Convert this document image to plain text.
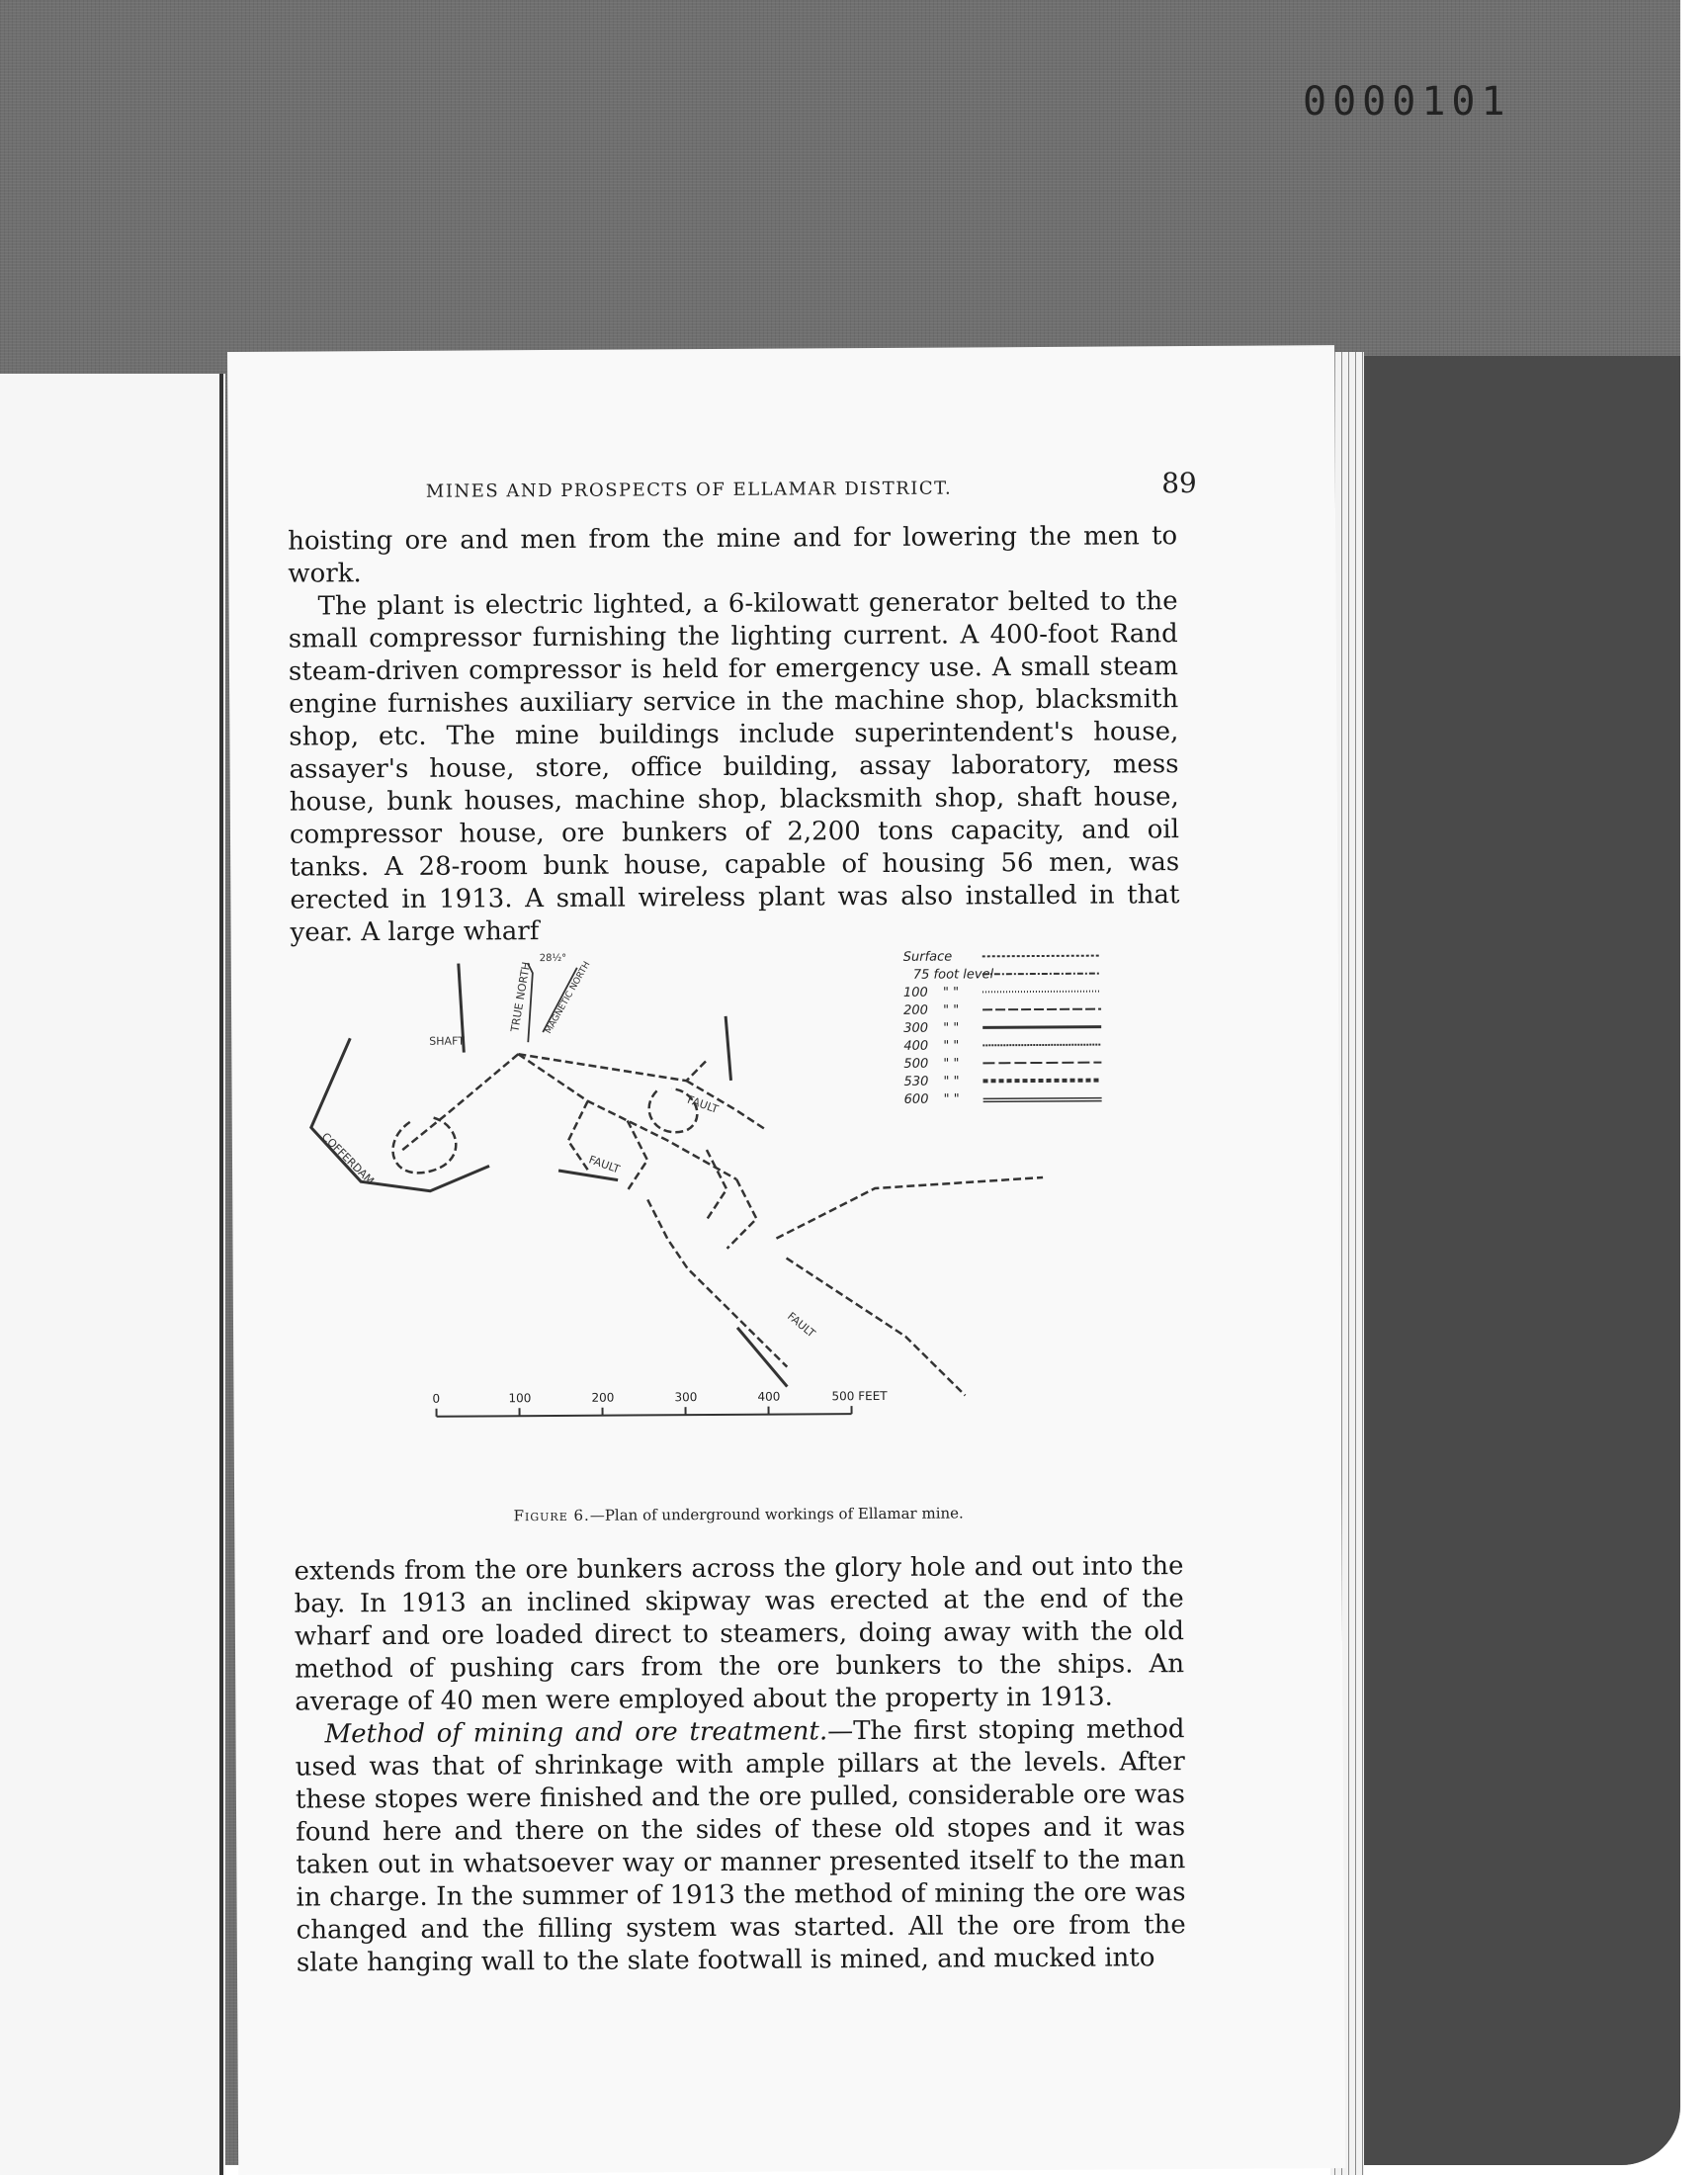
0000101
MINES AND PROSPECTS OF ELLAMAR DISTRICT.	89

hoisting ore and men from the mine and for lowering the men to work.

The plant is electric lighted, a 6-kilowatt generator belted to the small compressor furnishing the lighting current. A 400-foot Rand steam-driven compressor is held for emergency use. A small steam engine furnishes auxiliary service in the machine shop, blacksmith shop, etc. The mine buildings include superintendent's house, assayer's house, store, office building, assay laboratory, mess house, bunk houses, machine shop, blacksmith shop, shaft house, compressor house, ore bunkers of 2,200 tons capacity, and oil tanks. A 28-room bunk house, capable of housing 56 men, was erected in 1913. A small wireless plant was also installed in that year. A large wharf

SHAFT
FAULT
FAULT
FAULT
COFFERDAM
TRUE NORTH MAGNETIC NORTH
28½°	Surface
75 foot level
100
200
300
400
500
530
600
" "
" "
" "
" "
" "
" "
" "
0	100	200	300	400	500 FEET
Figure 6.—Plan of underground workings of Ellamar mine.

extends from the ore bunkers across the glory hole and out into the bay. In 1913 an inclined skipway was erected at the end of the wharf and ore loaded direct to steamers, doing away with the old method of pushing cars from the ore bunkers to the ships. An average of 40 men were employed about the property in 1913.

Method of mining and ore treatment.—The first stoping method used was that of shrinkage with ample pillars at the levels. After these stopes were finished and the ore pulled, considerable ore was found here and there on the sides of these old stopes and it was taken out in whatsoever way or manner presented itself to the man in charge. In the summer of 1913 the method of mining the ore was changed and the filling system was started. All the ore from the slate hanging wall to the slate footwall is mined, and mucked into
